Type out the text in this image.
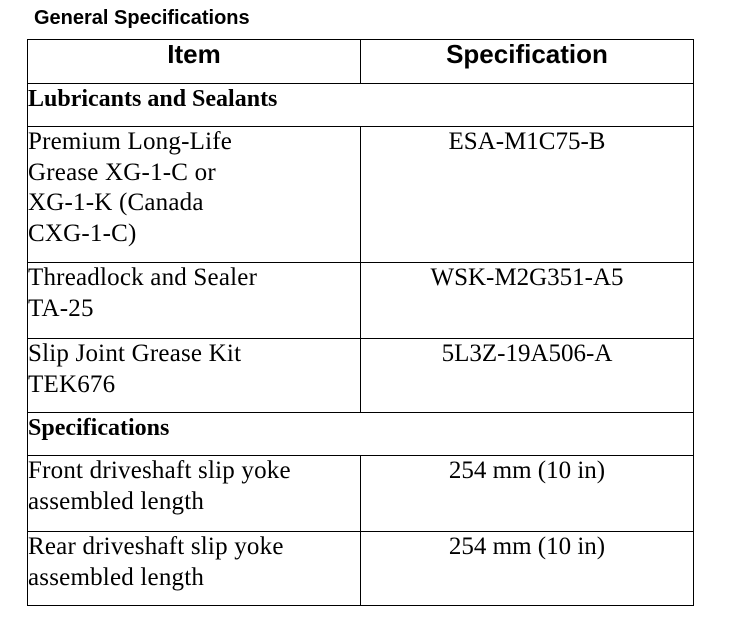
General Specifications
Item	Specification
Lubricants and Sealants	
Premium Long-Life
Grease XG-1-C or
XG-1-K (Canada
CXG-1-C)	ESA-M1C75-B
Threadlock and Sealer
TA-25	WSK-M2G351-A5
Slip Joint Grease Kit
TEK676	5L3Z-19A506-A
Specifications	
Front driveshaft slip yoke
assembled length	254 mm (10 in)
Rear driveshaft slip yoke
assembled length	254 mm (10 in)
